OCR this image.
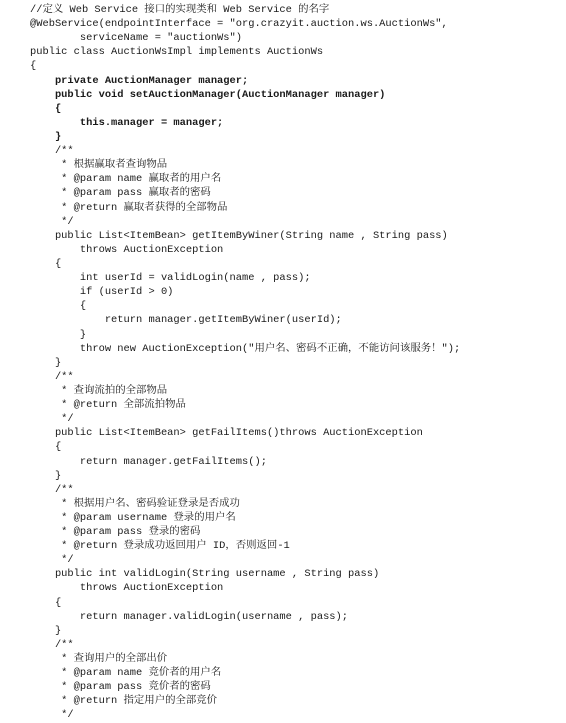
//定义 Web Service 接口的实现类和 Web Service 的名字
@WebService(endpointInterface = "org.crazyit.auction.ws.AuctionWs",
serviceName = "auctionWs")
public class AuctionWsImpl implements AuctionWs
{
private AuctionManager manager;
public void setAuctionManager(AuctionManager manager)
{
this.manager = manager;
}
/**
* 根据赢取者查询物品
* @param name 赢取者的用户名
* @param pass 赢取者的密码
* @return 赢取者获得的全部物品
*/
public List<ItemBean> getItemByWiner(String name , String pass)
throws AuctionException
{
int userId = validLogin(name , pass);
if (userId > 0)
{
return manager.getItemByWiner(userId);
}
throw new AuctionException("用户名、密码不正确，不能访问该服务！");
}
/**
* 查询流拍的全部物品
* @return 全部流拍物品
*/
public List<ItemBean> getFailItems()throws AuctionException
{
return manager.getFailItems();
}
/**
* 根据用户名、密码验证登录是否成功
* @param username 登录的用户名
* @param pass 登录的密码
* @return 登录成功返回用户 ID，否则返回-1
*/
public int validLogin(String username , String pass)
throws AuctionException
{
return manager.validLogin(username , pass);
}
/**
* 查询用户的全部出价
* @param name 竞价者的用户名
* @param pass 竞价者的密码
* @return 指定用户的全部竞价
*/
